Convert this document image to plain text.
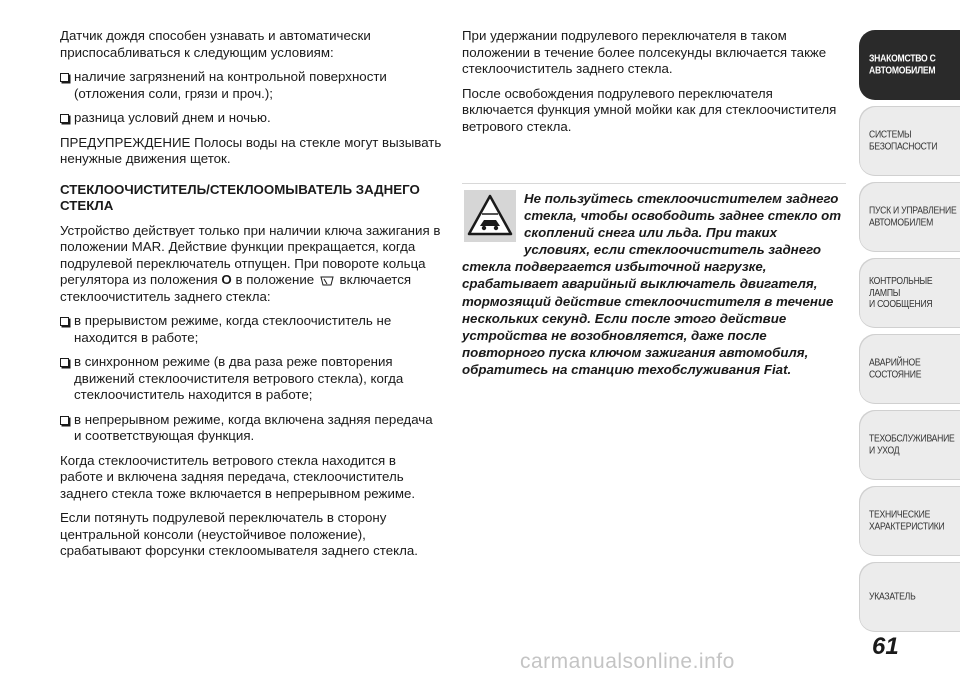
Датчик дождя способен узнавать и автоматически приспосабливаться к следующим условиям:

наличие загрязнений на контрольной поверхности (отложения соли, грязи и проч.);

разница условий днем и ночью.

ПРЕДУПРЕЖДЕНИЕ Полосы воды на стекле могут вызывать ненужные движения щеток.

СТЕКЛООЧИСТИТЕЛЬ/СТЕКЛООМЫВАТЕЛЬ ЗАДНЕГО СТЕКЛА

Устройство действует только при наличии ключа зажигания в положении MAR. Действие функции прекращается, когда подрулевой переключатель отпущен. При повороте кольца регулятора из положения O в положение включается стеклоочиститель заднего стекла:

в прерывистом режиме, когда стеклоочиститель не находится в работе;

в синхронном режиме (в два раза реже повторения движений стеклоочистителя ветрового стекла), когда стеклоочиститель находится в работе;

в непрерывном режиме, когда включена задняя передача и соответствующая функция.

Когда стеклоочиститель ветрового стекла находится в работе и включена задняя передача, стеклоочиститель заднего стекла тоже включается в непрерывном режиме.

Если потянуть подрулевой переключатель в сторону центральной консоли (неустойчивое положение), срабатывают форсунки стеклоомывателя заднего стекла.

При удержании подрулевого переключателя в таком положении в течение более полсекунды включается также стеклоочиститель заднего стекла.

После освобождения подрулевого переключателя включается функция умной мойки как для стеклоочистителя ветрового стекла.

Не пользуйтесь стеклоочистителем заднего стекла, чтобы освободить заднее стекло от скоплений снега или льда. При таких условиях, если стеклоочиститель заднего стекла подвергается избыточной нагрузке, срабатывает аварийный выключатель двигателя, тормозящий действие стеклоочистителя в течение нескольких секунд. Если после этого действие устройства не возобновляется, даже после повторного пуска ключом зажигания автомобиля, обратитесь на станцию техобслуживания Fiat.

ЗНАКОМСТВО С
АВТОМОБИЛЕМ
СИСТЕМЫ
БЕЗОПАСНОСТИ
ПУСК И УПРАВЛЕНИЕ
АВТОМОБИЛЕМ
КОНТРОЛЬНЫЕ
ЛАМПЫ
И СООБЩЕНИЯ
АВАРИЙНОЕ
СОСТОЯНИЕ
ТЕХОБСЛУЖИВАНИЕ
И УХОД
ТЕХНИЧЕСКИЕ
ХАРАКТЕРИСТИКИ
УКАЗАТЕЛЬ
61
carmanualsonline.info
